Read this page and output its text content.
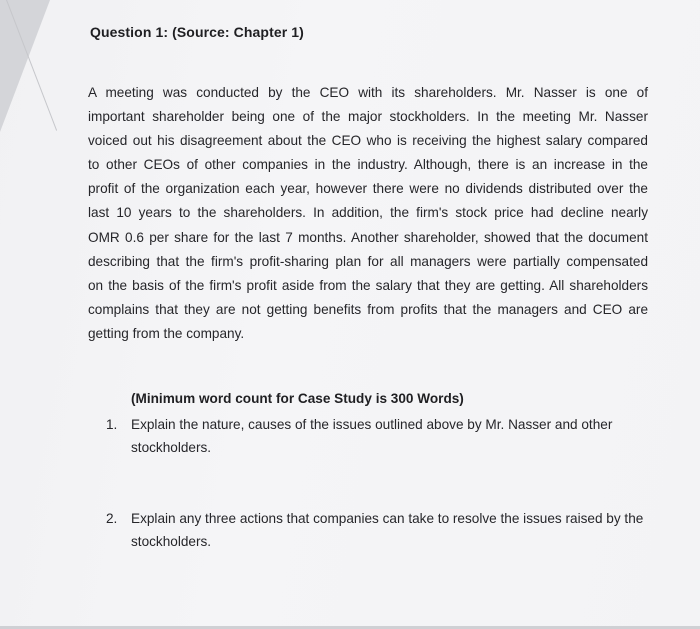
Question 1: (Source: Chapter 1)

A meeting was conducted by the CEO with its shareholders. Mr. Nasser is one of
important shareholder being one of the major stockholders. In the meeting Mr. Nasser
voiced out his disagreement about the CEO who is receiving the highest salary compared
to other CEOs of other companies in the industry. Although, there is an increase in the
profit of the organization each year, however there were no dividends distributed over the
last 10 years to the shareholders. In addition, the firm's stock price had decline nearly
OMR 0.6 per share for the last 7 months. Another shareholder, showed that the document
describing that the firm's profit-sharing plan for all managers were partially compensated
on the basis of the firm's profit aside from the salary that they are getting. All shareholders
complains that they are not getting benefits from profits that the managers and CEO are
getting from the company.

(Minimum word count for Case Study is 300 Words)
1. Explain the nature, causes of the issues outlined above by Mr. Nasser and other stockholders.
2. Explain any three actions that companies can take to resolve the issues raised by the stockholders.
